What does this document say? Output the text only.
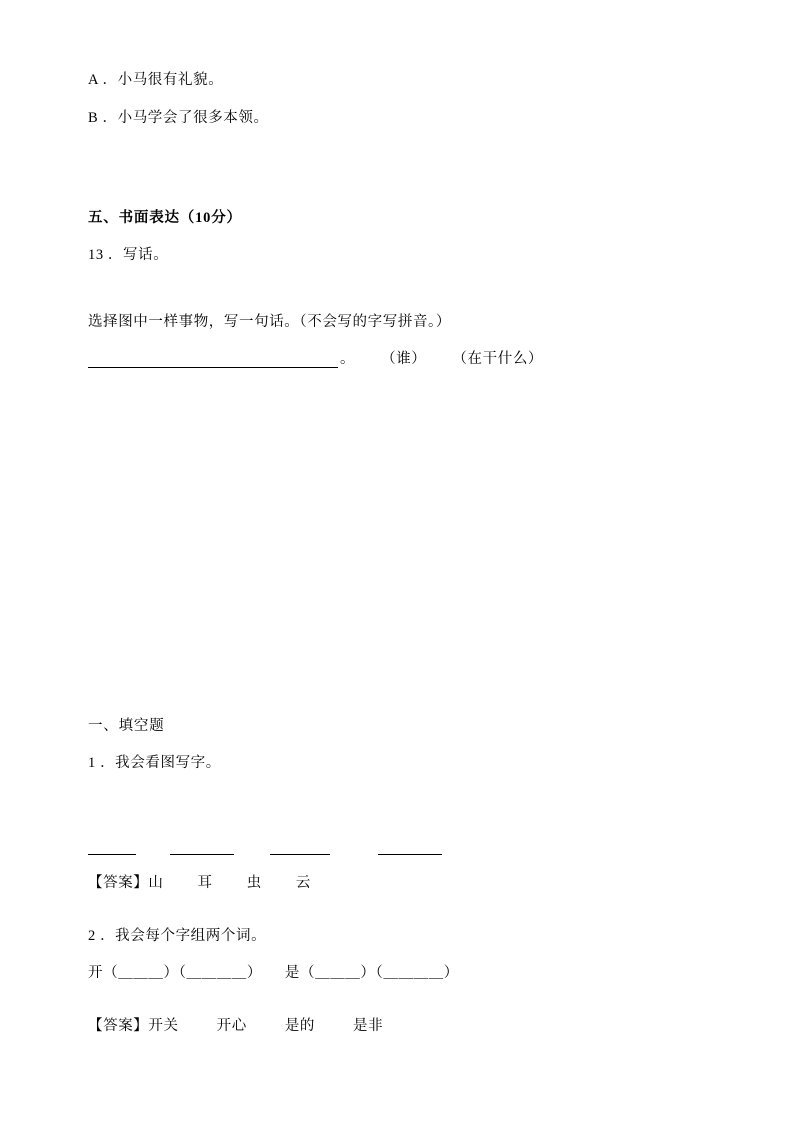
A ．小马很有礼貌。
B ．小马学会了很多本领。
五、书面表达（10分）
13 ．写话。
选择图中一样事物，写一句话。（不会写的字写拼音。）
。 （谁） （在干什么）
一、填空题
1 ．我会看图写字。
【答案】山 耳 虫 云
2 ．我会每个字组两个词。
开（＿＿＿）（＿＿＿＿）　　是（＿＿＿）（＿＿＿＿）
【答案】开关	开心	是的	是非
